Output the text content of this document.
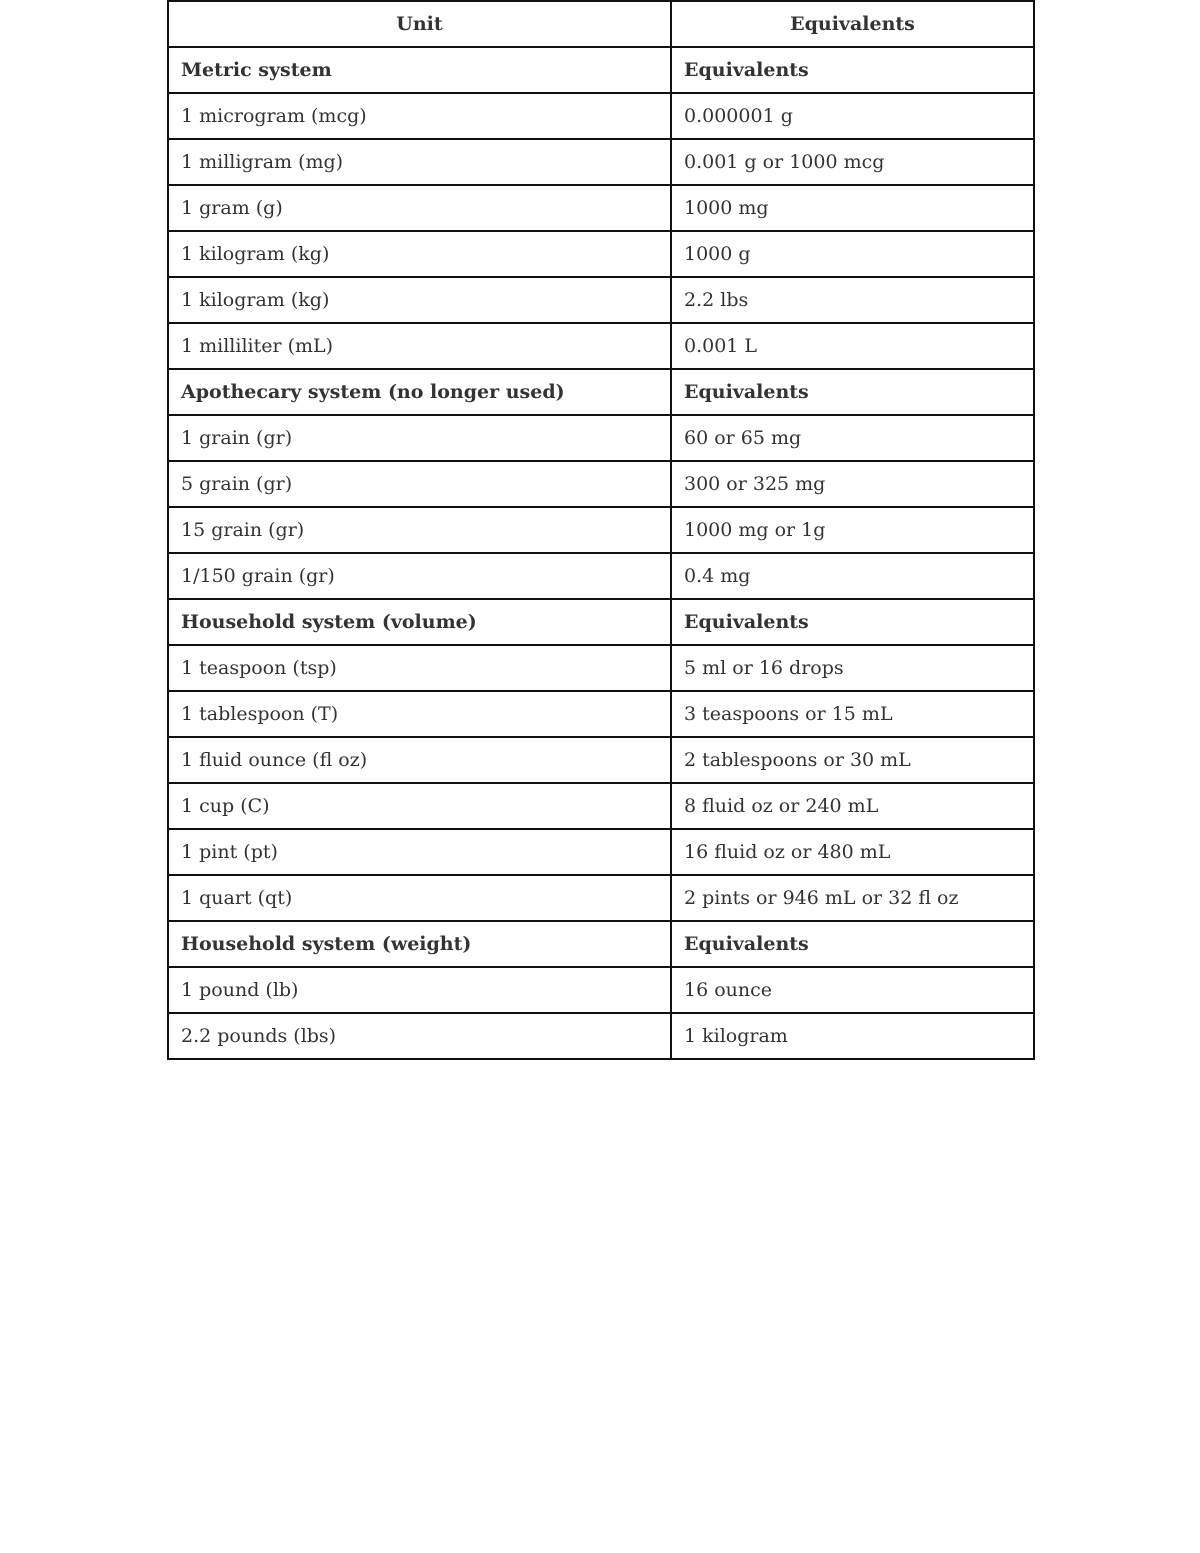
Unit	Equivalents
Metric system	Equivalents
1 microgram (mcg)	0.000001 g
1 milligram (mg)	0.001 g or 1000 mcg
1 gram (g)	1000 mg
1 kilogram (kg)	1000 g
1 kilogram (kg)	2.2 lbs
1 milliliter (mL)	0.001 L
Apothecary system (no longer used)	Equivalents
1 grain (gr)	60 or 65 mg
5 grain (gr)	300 or 325 mg
15 grain (gr)	1000 mg or 1g
1/150 grain (gr)	0.4 mg
Household system (volume)	Equivalents
1 teaspoon (tsp)	5 ml or 16 drops
1 tablespoon (T)	3 teaspoons or 15 mL
1 fluid ounce (fl oz)	2 tablespoons or 30 mL
1 cup (C)	8 fluid oz or 240 mL
1 pint (pt)	16 fluid oz or 480 mL
1 quart (qt)	2 pints or 946 mL or 32 fl oz
Household system (weight)	Equivalents
1 pound (lb)	16 ounce
2.2 pounds (lbs)	1 kilogram
